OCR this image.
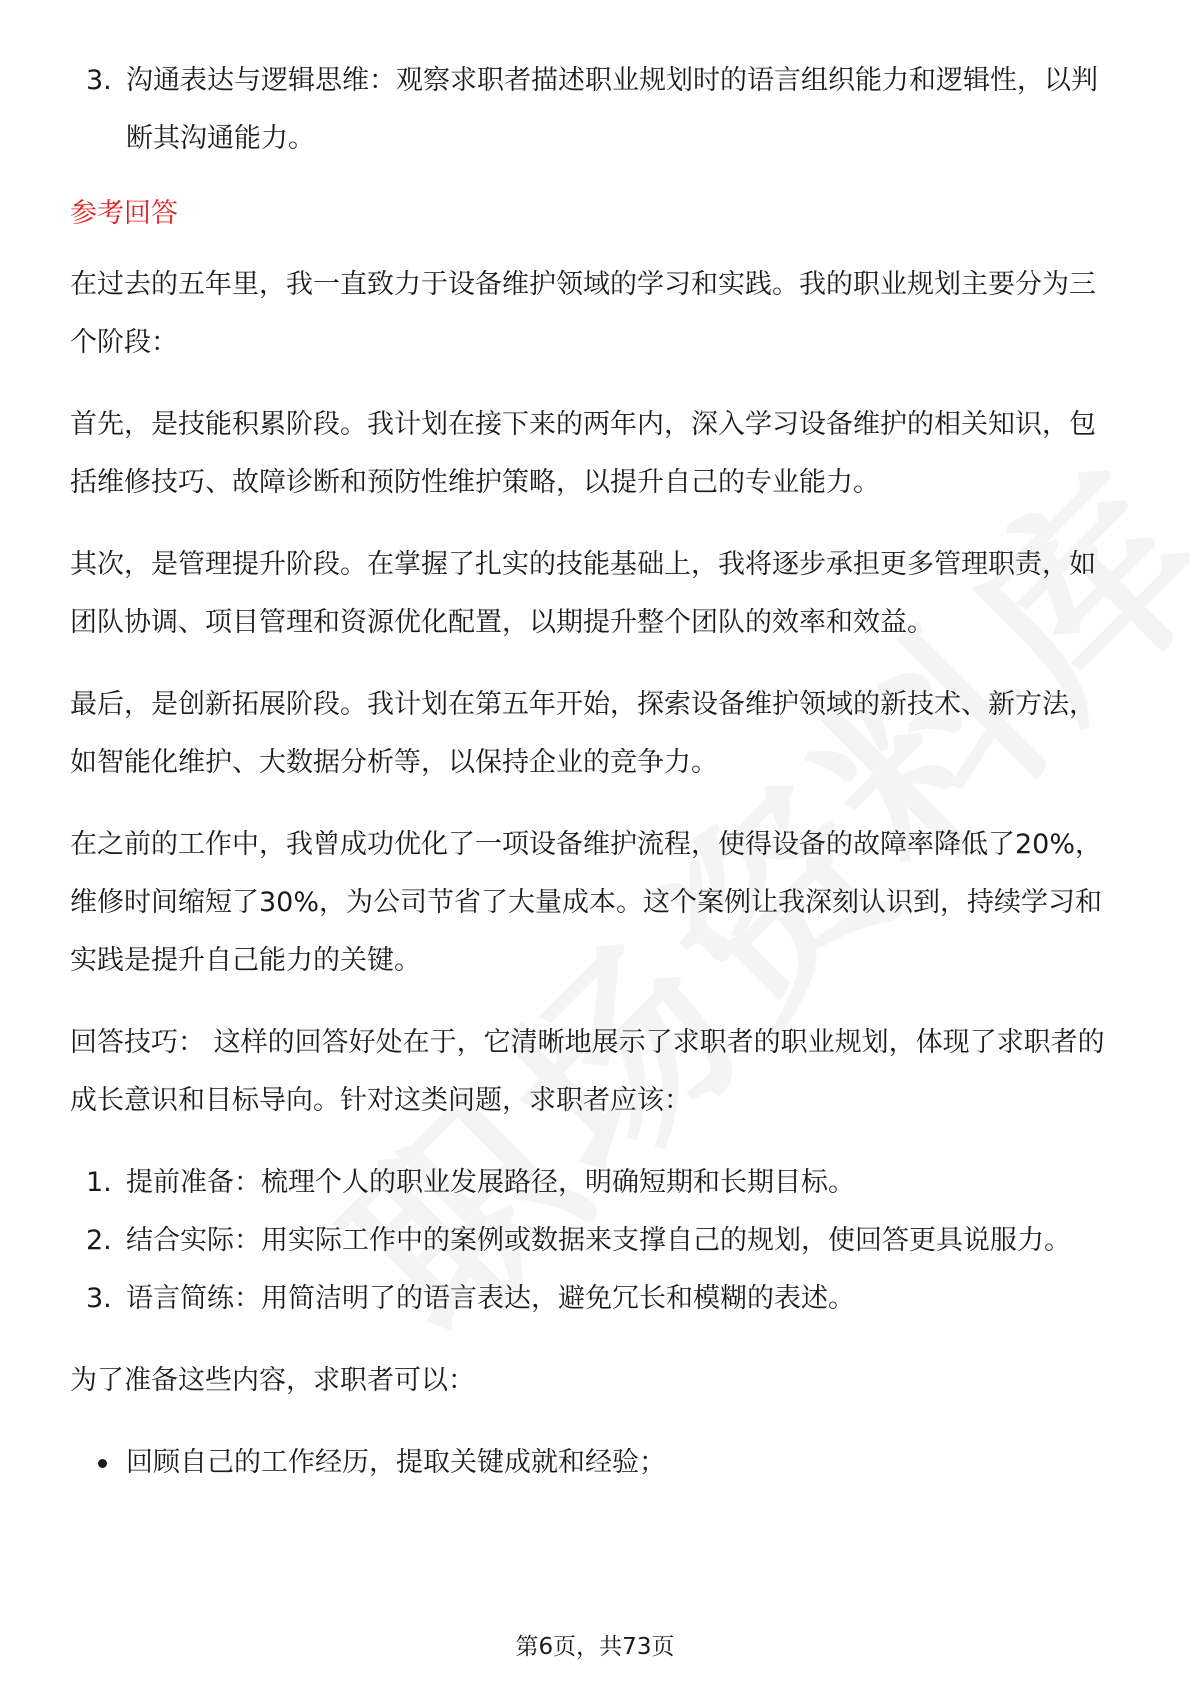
3. 沟通表达与逻辑思维：观察求职者描述职业规划时的语言组织能力和逻辑性，以判断其沟通能力。
参考回答

在过去的五年里，我一直致力于设备维护领域的学习和实践。我的职业规划主要分为三个阶段：

首先，是技能积累阶段。我计划在接下来的两年内，深入学习设备维护的相关知识，包括维修技巧、故障诊断和预防性维护策略，以提升自己的专业能力。

其次，是管理提升阶段。在掌握了扎实的技能基础上，我将逐步承担更多管理职责，如团队协调、项目管理和资源优化配置，以期提升整个团队的效率和效益。

最后，是创新拓展阶段。我计划在第五年开始，探索设备维护领域的新技术、新方法，如智能化维护、大数据分析等，以保持企业的竞争力。

在之前的工作中，我曾成功优化了一项设备维护流程，使得设备的故障率降低了20%，维修时间缩短了30%，为公司节省了大量成本。这个案例让我深刻认识到，持续学习和实践是提升自己能力的关键。

回答技巧： 这样的回答好处在于，它清晰地展示了求职者的职业规划，体现了求职者的成长意识和目标导向。针对这类问题，求职者应该：

1. 提前准备：梳理个人的职业发展路径，明确短期和长期目标。
2. 结合实际：用实际工作中的案例或数据来支撑自己的规划，使回答更具说服力。
3. 语言简练：用简洁明了的语言表达，避免冗长和模糊的表述。

为了准备这些内容，求职者可以：

回顾自己的工作经历，提取关键成就和经验；
第6页，共73页
